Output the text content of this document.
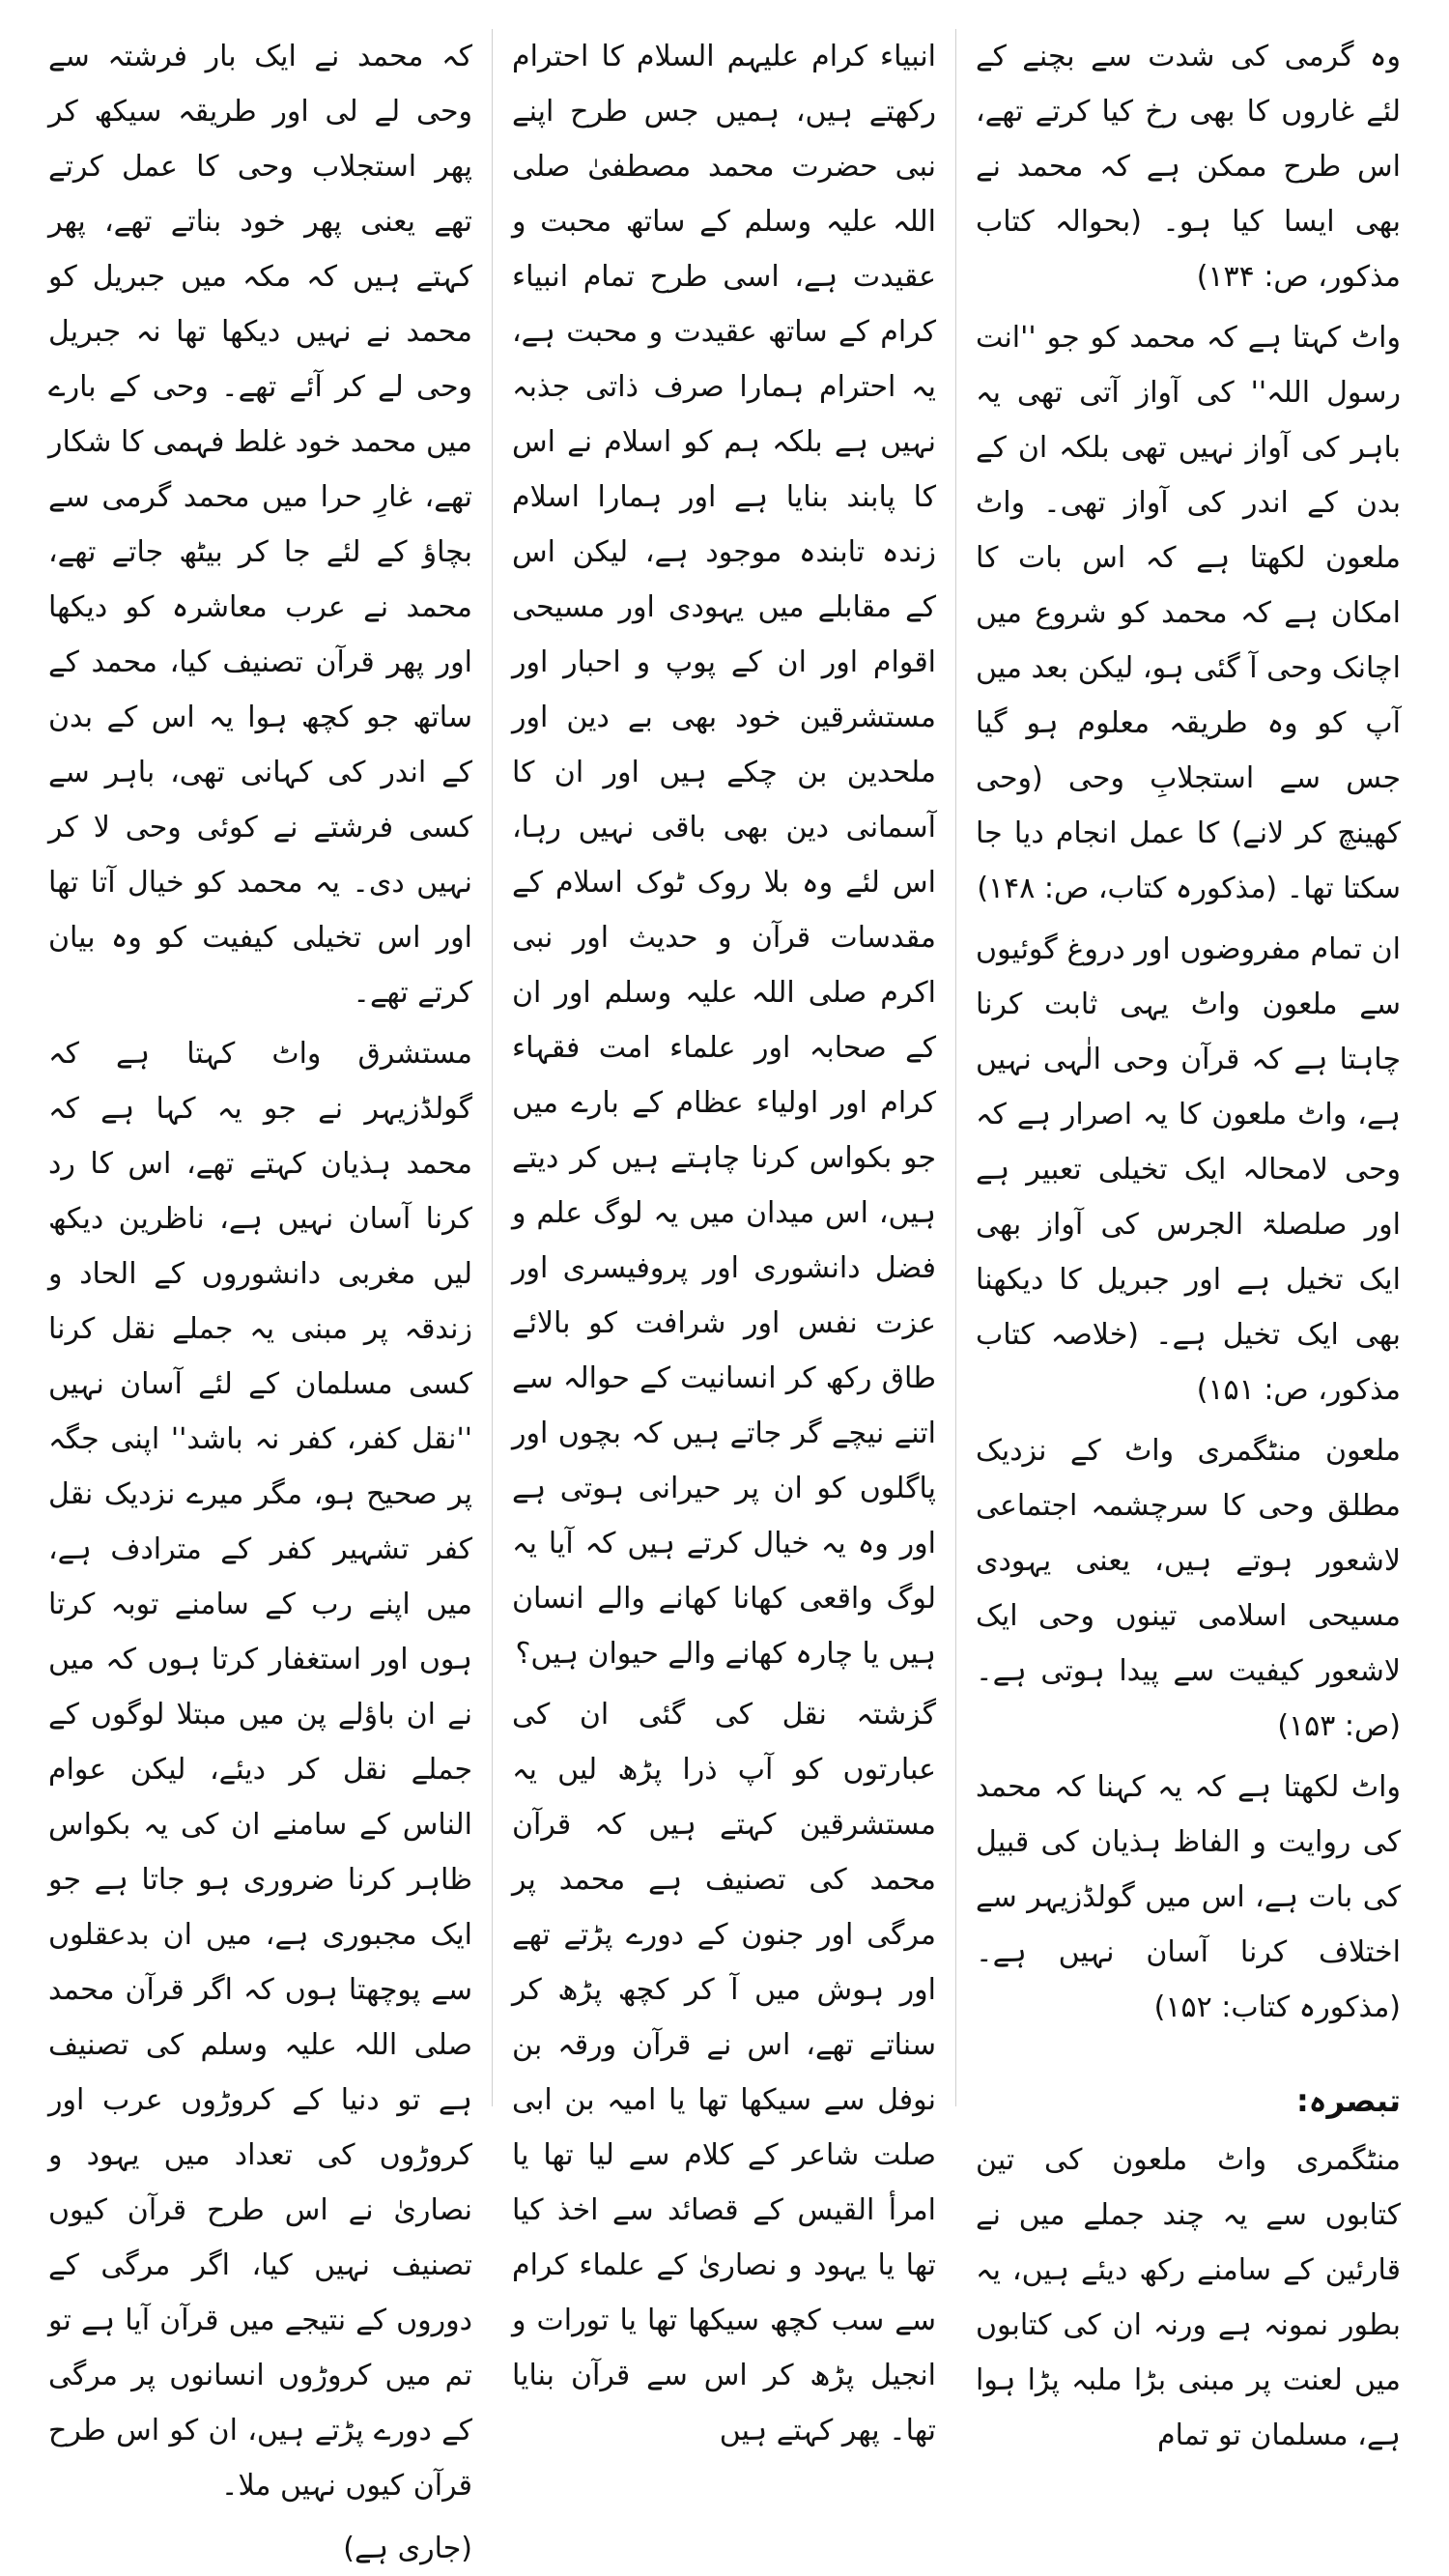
وہ گرمی کی شدت سے بچنے کے لئے غاروں کا بھی رخ کیا کرتے تھے، اس طرح ممکن ہے کہ محمد نے بھی ایسا کیا ہو۔ (بحوالہ کتاب مذکور، ص: ۱۳۴)

واٹ کہتا ہے کہ محمد کو جو ''انت رسول اللہ'' کی آواز آتی تھی یہ باہر کی آواز نہیں تھی بلکہ ان کے بدن کے اندر کی آواز تھی۔ واٹ ملعون لکھتا ہے کہ اس بات کا امکان ہے کہ محمد کو شروع میں اچانک وحی آ گئی ہو، لیکن بعد میں آپ کو وہ طریقہ معلوم ہو گیا جس سے استجلابِ وحی (وحی کھینچ کر لانے) کا عمل انجام دیا جا سکتا تھا۔ (مذکورہ کتاب، ص: ۱۴۸)

ان تمام مفروضوں اور دروغ گوئیوں سے ملعون واٹ یہی ثابت کرنا چاہتا ہے کہ قرآن وحی الٰہی نہیں ہے، واٹ ملعون کا یہ اصرار ہے کہ وحی لامحالہ ایک تخیلی تعبیر ہے اور صلصلۃ الجرس کی آواز بھی ایک تخیل ہے اور جبریل کا دیکھنا بھی ایک تخیل ہے۔ (خلاصہ کتاب مذکور، ص: ۱۵۱)

ملعون منٹگمری واٹ کے نزدیک مطلق وحی کا سرچشمہ اجتماعی لاشعور ہوتے ہیں، یعنی یہودی مسیحی اسلامی تینوں وحی ایک لاشعور کیفیت سے پیدا ہوتی ہے۔ (ص: ۱۵۳)

واٹ لکھتا ہے کہ یہ کہنا کہ محمد کی روایت و الفاظ ہذیان کی قبیل کی بات ہے، اس میں گولڈزیہر سے اختلاف کرنا آسان نہیں ہے۔ (مذکورہ کتاب: ۱۵۲)

تبصرہ:

منٹگمری واٹ ملعون کی تین کتابوں سے یہ چند جملے میں نے قارئین کے سامنے رکھ دیئے ہیں، یہ بطور نمونہ ہے ورنہ ان کی کتابوں میں لعنت پر مبنی بڑا ملبہ پڑا ہوا ہے، مسلمان تو تمام

انبیاء کرام علیہم السلام کا احترام رکھتے ہیں، ہمیں جس طرح اپنے نبی حضرت محمد مصطفیٰ صلی اللہ علیہ وسلم کے ساتھ محبت و عقیدت ہے، اسی طرح تمام انبیاء کرام کے ساتھ عقیدت و محبت ہے، یہ احترام ہمارا صرف ذاتی جذبہ نہیں ہے بلکہ ہم کو اسلام نے اس کا پابند بنایا ہے اور ہمارا اسلام زندہ تابندہ موجود ہے، لیکن اس کے مقابلے میں یہودی اور مسیحی اقوام اور ان کے پوپ و احبار اور مستشرقین خود بھی بے دین اور ملحدین بن چکے ہیں اور ان کا آسمانی دین بھی باقی نہیں رہا، اس لئے وہ بلا روک ٹوک اسلام کے مقدسات قرآن و حدیث اور نبی اکرم صلی اللہ علیہ وسلم اور ان کے صحابہ اور علماء امت فقہاء کرام اور اولیاء عظام کے بارے میں جو بکواس کرنا چاہتے ہیں کر دیتے ہیں، اس میدان میں یہ لوگ علم و فضل دانشوری اور پروفیسری اور عزت نفس اور شرافت کو بالائے طاق رکھ کر انسانیت کے حوالہ سے اتنے نیچے گر جاتے ہیں کہ بچوں اور پاگلوں کو ان پر حیرانی ہوتی ہے اور وہ یہ خیال کرتے ہیں کہ آیا یہ لوگ واقعی کھانا کھانے والے انسان ہیں یا چارہ کھانے والے حیوان ہیں؟

گزشتہ نقل کی گئی ان کی عبارتوں کو آپ ذرا پڑھ لیں یہ مستشرقین کہتے ہیں کہ قرآن محمد کی تصنیف ہے محمد پر مرگی اور جنون کے دورے پڑتے تھے اور ہوش میں آ کر کچھ پڑھ کر سناتے تھے، اس نے قرآن ورقہ بن نوفل سے سیکھا تھا یا امیہ بن ابی صلت شاعر کے کلام سے لیا تھا یا امرأ القیس کے قصائد سے اخذ کیا تھا یا یہود و نصاریٰ کے علماء کرام سے سب کچھ سیکھا تھا یا تورات و انجیل پڑھ کر اس سے قرآن بنایا تھا۔ پھر کہتے ہیں

کہ محمد نے ایک بار فرشتہ سے وحی لے لی اور طریقہ سیکھ کر پھر استجلاب وحی کا عمل کرتے تھے یعنی پھر خود بناتے تھے، پھر کہتے ہیں کہ مکہ میں جبریل کو محمد نے نہیں دیکھا تھا نہ جبریل وحی لے کر آئے تھے۔ وحی کے بارے میں محمد خود غلط فہمی کا شکار تھے، غارِ حرا میں محمد گرمی سے بچاؤ کے لئے جا کر بیٹھ جاتے تھے، محمد نے عرب معاشرہ کو دیکھا اور پھر قرآن تصنیف کیا، محمد کے ساتھ جو کچھ ہوا یہ اس کے بدن کے اندر کی کہانی تھی، باہر سے کسی فرشتے نے کوئی وحی لا کر نہیں دی۔ یہ محمد کو خیال آتا تھا اور اس تخیلی کیفیت کو وہ بیان کرتے تھے۔

مستشرق واٹ کہتا ہے کہ گولڈزیہر نے جو یہ کہا ہے کہ محمد ہذیان کہتے تھے، اس کا رد کرنا آسان نہیں ہے، ناظرین دیکھ لیں مغربی دانشوروں کے الحاد و زندقہ پر مبنی یہ جملے نقل کرنا کسی مسلمان کے لئے آسان نہیں ''نقل کفر، کفر نہ باشد'' اپنی جگہ پر صحیح ہو، مگر میرے نزدیک نقل کفر تشہیر کفر کے مترادف ہے، میں اپنے رب کے سامنے توبہ کرتا ہوں اور استغفار کرتا ہوں کہ میں نے ان باؤلے پن میں مبتلا لوگوں کے جملے نقل کر دیئے، لیکن عوام الناس کے سامنے ان کی یہ بکواس ظاہر کرنا ضروری ہو جاتا ہے جو ایک مجبوری ہے، میں ان بدعقلوں سے پوچھتا ہوں کہ اگر قرآن محمد صلی اللہ علیہ وسلم کی تصنیف ہے تو دنیا کے کروڑوں عرب اور کروڑوں کی تعداد میں یہود و نصاریٰ نے اس طرح قرآن کیوں تصنیف نہیں کیا، اگر مرگی کے دوروں کے نتیجے میں قرآن آیا ہے تو تم میں کروڑوں انسانوں پر مرگی کے دورے پڑتے ہیں، ان کو اس طرح قرآن کیوں نہیں ملا۔

(جاری ہے)
